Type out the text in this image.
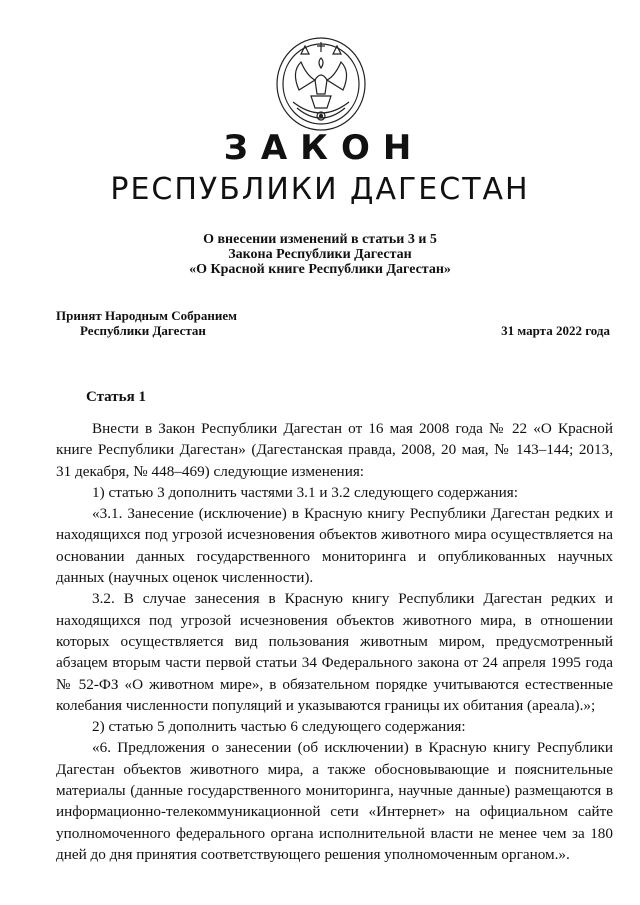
ЗАКОН
РЕСПУБЛИКИ ДАГЕСТАН
О внесении изменений в статьи 3 и 5
Закона Республики Дагестан
«О Красной книге Республики Дагестан»
Принят Народным Собранием
Республики Дагестан	31 марта 2022 года
Статья 1

Внести в Закон Республики Дагестан от 16 мая 2008 года № 22 «О Красной книге Республики Дагестан» (Дагестанская правда, 2008, 20 мая, № 143–144; 2013, 31 декабря, № 448–469) следующие изменения:

1) статью 3 дополнить частями 3.1 и 3.2 следующего содержания:

«3.1. Занесение (исключение) в Красную книгу Республики Дагестан редких и находящихся под угрозой исчезновения объектов животного мира осуществляется на основании данных государственного мониторинга и опубликованных научных данных (научных оценок численности).

3.2. В случае занесения в Красную книгу Республики Дагестан редких и находящихся под угрозой исчезновения объектов животного мира, в отношении которых осуществляется вид пользования животным миром, предусмотренный абзацем вторым части первой статьи 34 Федерального закона от 24 апреля 1995 года № 52-ФЗ «О животном мире», в обязательном порядке учитываются естественные колебания численности популяций и указываются границы их обитания (ареала).»;

2) статью 5 дополнить частью 6 следующего содержания:

«6. Предложения о занесении (об исключении) в Красную книгу Республики Дагестан объектов животного мира, а также обосновывающие и пояснительные материалы (данные государственного мониторинга, научные данные) размещаются в информационно-телекоммуникационной сети «Интернет» на официальном сайте уполномоченного федерального органа исполнительной власти не менее чем за 180 дней до дня принятия соответствующего решения уполномоченным органом.».
